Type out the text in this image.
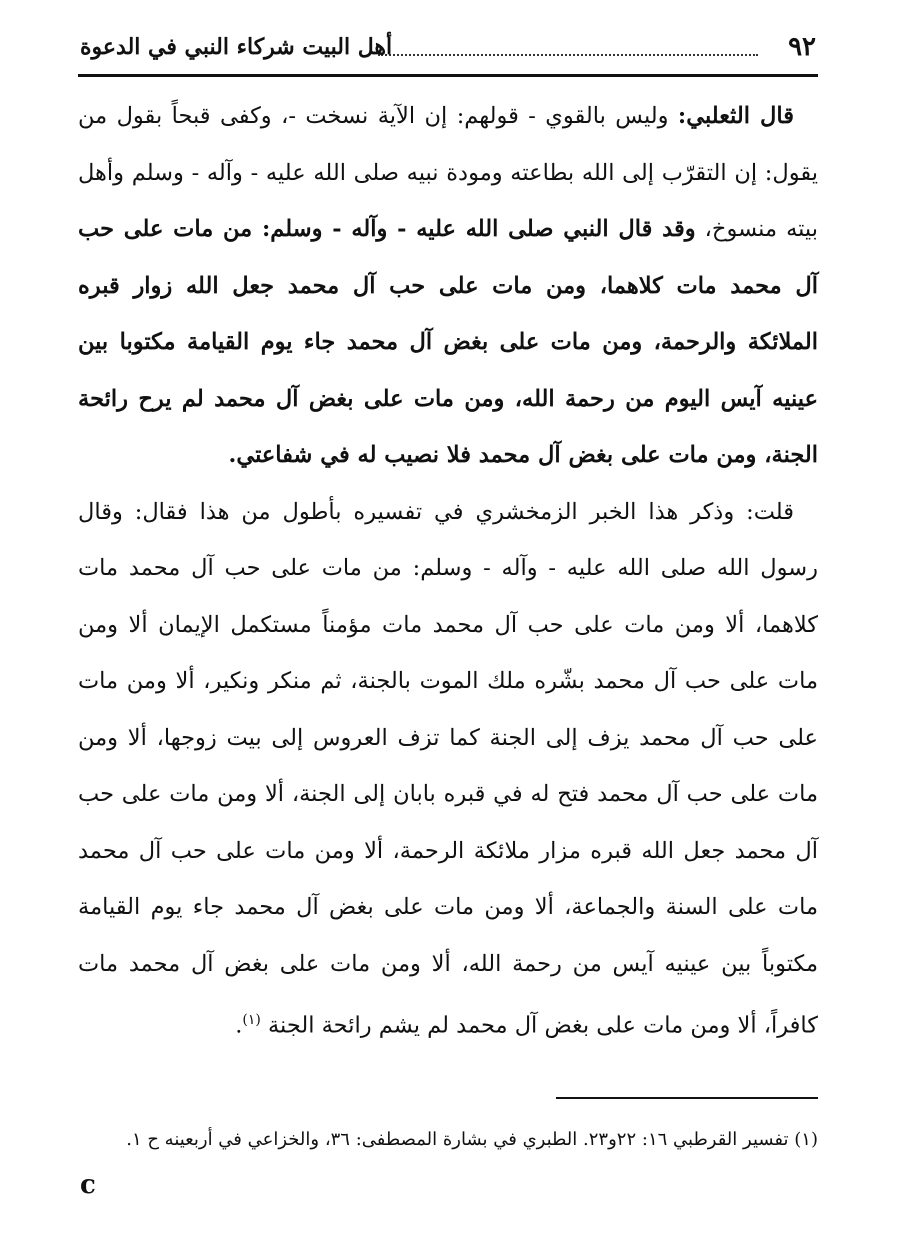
٩٢
أهل البيت شركاء النبي في الدعوة

قال الثعلبي: وليس بالقوي - قولهم: إن الآية نسخت -، وكفى قبحاً بقول من يقول: إن التقرّب إلى الله بطاعته ومودة نبيه صلى الله عليه - وآله - وسلم وأهل بيته منسوخ، وقد قال النبي صلى الله عليه - وآله - وسلم: من مات على حب آل محمد مات كلاهما، ومن مات على حب آل محمد جعل الله زوار قبره الملائكة والرحمة، ومن مات على بغض آل محمد جاء يوم القيامة مكتوبا بين عينيه آيس اليوم من رحمة الله، ومن مات على بغض آل محمد لم يرح رائحة الجنة، ومن مات على بغض آل محمد فلا نصيب له في شفاعتي.

قلت: وذكر هذا الخبر الزمخشري في تفسيره بأطول من هذا فقال: وقال رسول الله صلى الله عليه - وآله - وسلم: من مات على حب آل محمد مات كلاهما، ألا ومن مات على حب آل محمد مات مؤمناً مستكمل الإيمان ألا ومن مات على حب آل محمد بشّره ملك الموت بالجنة، ثم منكر ونكير، ألا ومن مات على حب آل محمد يزف إلى الجنة كما تزف العروس إلى بيت زوجها، ألا ومن مات على حب آل محمد فتح له في قبره بابان إلى الجنة، ألا ومن مات على حب آل محمد جعل الله قبره مزار ملائكة الرحمة، ألا ومن مات على حب آل محمد مات على السنة والجماعة، ألا ومن مات على بغض آل محمد جاء يوم القيامة مكتوباً بين عينيه آيس من رحمة الله، ألا ومن مات على بغض آل محمد مات كافراً، ألا ومن مات على بغض آل محمد لم يشم رائحة الجنة $^{(١)}$.

(١) تفسير القرطبي ١٦: ٢٢و٢٣. الطبري في بشارة المصطفى: ٣٦، والخزاعي في أربعينه ح ١.
c
